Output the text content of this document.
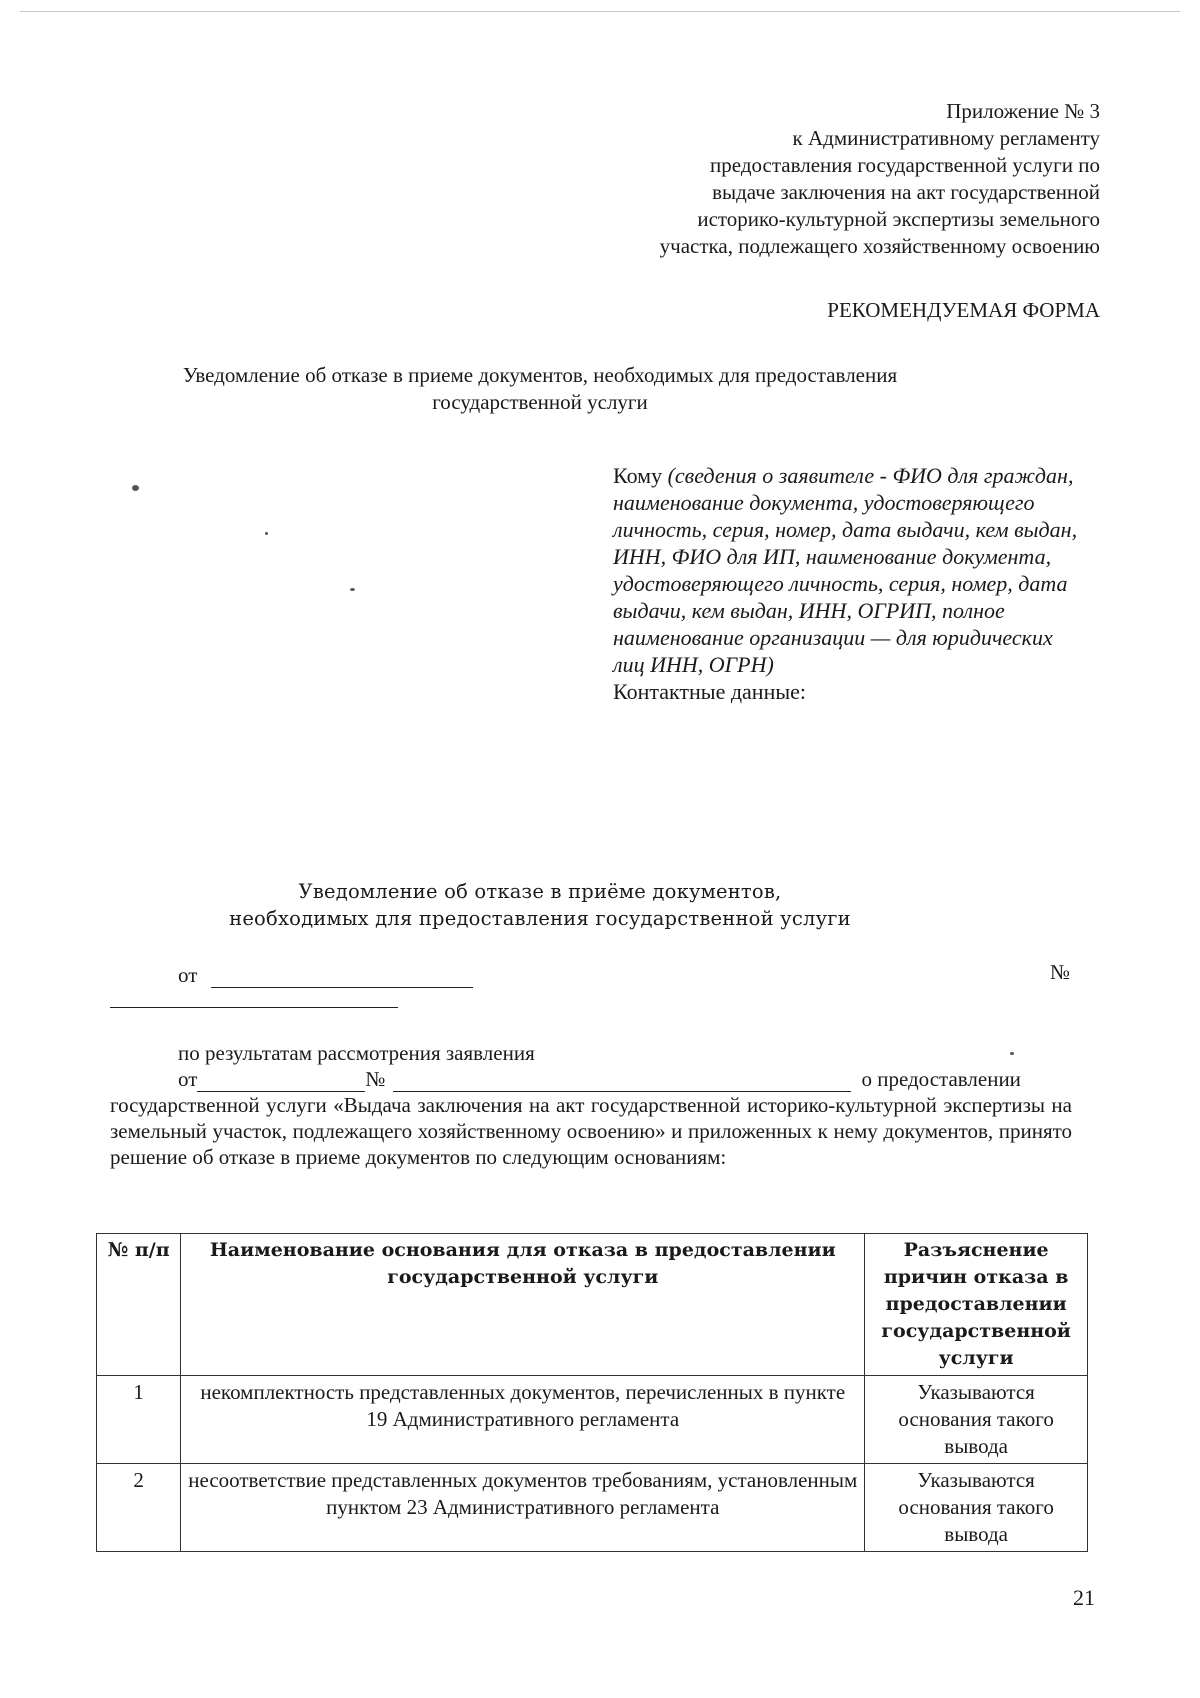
Приложение № 3
к Административному регламенту
предоставления государственной услуги по
выдаче заключения на акт государственной
историко-культурной экспертизы земельного
участка, подлежащего хозяйственному освоению
РЕКОМЕНДУЕМАЯ ФОРМА
Уведомление об отказе в приеме документов, необходимых для предоставления
государственной услуги
Кому (сведения о заявителе - ФИО для граждан, наименование документа, удостоверяющего личность, серия, номер, дата выдачи, кем выдан, ИНН, ФИО для ИП, наименование документа, удостоверяющего личность, серия, номер, дата выдачи, кем выдан, ИНН, ОГРИП, полное наименование организации — для юридических лиц ИНН, ОГРН)
Контактные данные:
Уведомление об отказе в приёме документов,
необходимых для предоставления государственной услуги
от	№

по результатам рассмотрения заявления

от	№	о предоставлении

государственной услуги «Выдача заключения на акт государственной историко-культурной экспертизы на земельный участок, подлежащего хозяйственному освоению» и приложенных к нему документов, принято решение об отказе в приеме документов по следующим основаниям:

№ п/п	Наименование основания для отказа в предоставлении государственной услуги	Разъяснение причин отказа в предоставлении государственной услуги
1	некомплектность представленных документов, перечисленных в пункте 19 Административного регламента	Указываются основания такого вывода
2	несоответствие представленных документов требованиям, установленным пунктом 23 Административного регламента	Указываются основания такого вывода
21
